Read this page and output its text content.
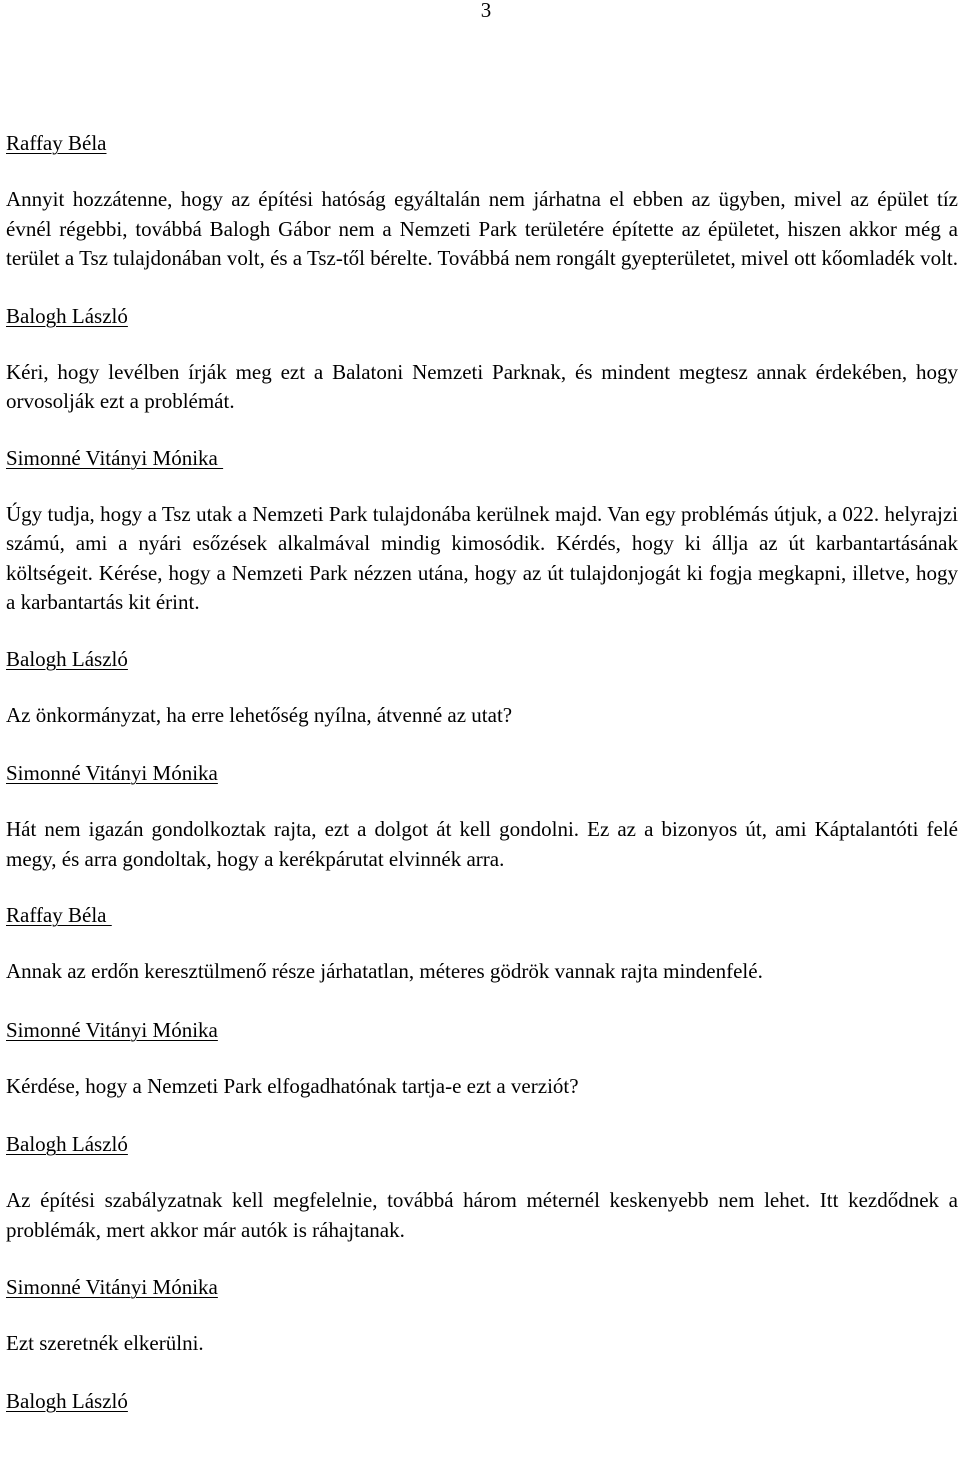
3
Raffay Béla
Annyit hozzátenne, hogy az építési hatóság egyáltalán nem járhatna el ebben az ügyben, mivel az épület tíz évnél régebbi, továbbá Balogh Gábor nem a Nemzeti Park területére építette az épületet, hiszen akkor még a terület a Tsz tulajdonában volt, és a Tsz-től bérelte. Továbbá nem rongált gyepterületet, mivel ott kőomladék volt.
Balogh László
Kéri, hogy levélben írják meg ezt a Balatoni Nemzeti Parknak, és mindent megtesz annak érdekében, hogy orvosolják ezt a problémát.
Simonné Vitányi Mónika
Úgy tudja, hogy a Tsz utak a Nemzeti Park tulajdonába kerülnek majd. Van egy problémás útjuk, a 022. helyrajzi számú, ami a nyári esőzések alkalmával mindig kimosódik. Kérdés, hogy ki állja az út karbantartásának költségeit. Kérése, hogy a Nemzeti Park nézzen utána, hogy az út tulajdonjogát ki fogja megkapni, illetve, hogy a karbantartás kit érint.
Balogh László
Az önkormányzat, ha erre lehetőség nyílna, átvenné az utat?
Simonné Vitányi Mónika
Hát nem igazán gondolkoztak rajta, ezt a dolgot át kell gondolni. Ez az a bizonyos út, ami Káptalantóti felé megy, és arra gondoltak, hogy a kerékpárutat elvinnék arra.
Raffay Béla
Annak az erdőn keresztülmenő része járhatatlan, méteres gödrök vannak rajta mindenfelé.
Simonné Vitányi Mónika
Kérdése, hogy a Nemzeti Park elfogadhatónak tartja-e ezt a verziót?
Balogh László
Az építési szabályzatnak kell megfelelnie, továbbá három méternél keskenyebb nem lehet. Itt kezdődnek a problémák, mert akkor már autók is ráhajtanak.
Simonné Vitányi Mónika
Ezt szeretnék elkerülni.
Balogh László
